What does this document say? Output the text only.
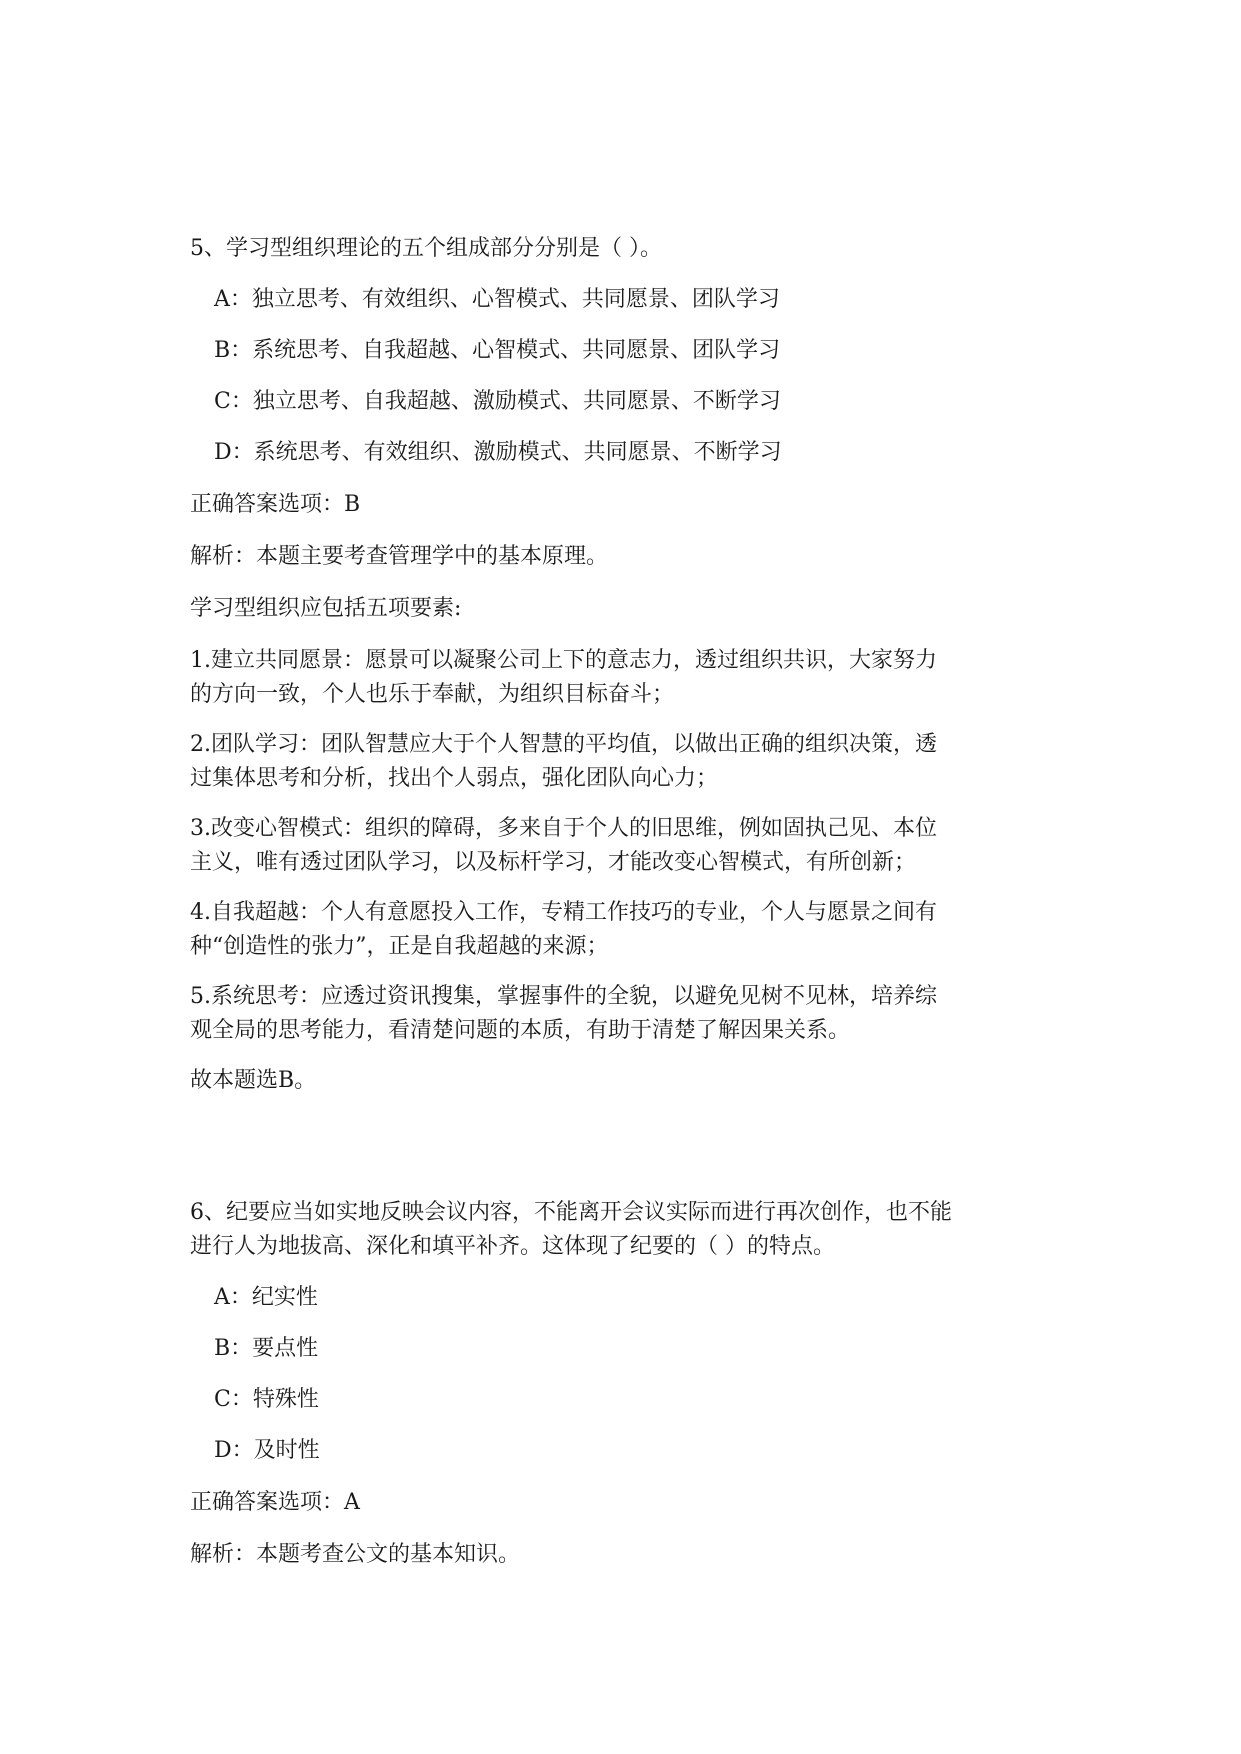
5、学习型组织理论的五个组成部分分别是（ ）。

A：独立思考、有效组织、心智模式、共同愿景、团队学习

B：系统思考、自我超越、心智模式、共同愿景、团队学习

C：独立思考、自我超越、激励模式、共同愿景、不断学习

D：系统思考、有效组织、激励模式、共同愿景、不断学习

正确答案选项：B

解析：本题主要考查管理学中的基本原理。

学习型组织应包括五项要素:

1.建立共同愿景：愿景可以凝聚公司上下的意志力，透过组织共识，大家努力

的方向一致，个人也乐于奉献，为组织目标奋斗；

2.团队学习：团队智慧应大于个人智慧的平均值，以做出正确的组织决策，透

过集体思考和分析，找出个人弱点，强化团队向心力；

3.改变心智模式：组织的障碍，多来自于个人的旧思维，例如固执己见、本位

主义，唯有透过团队学习，以及标杆学习，才能改变心智模式，有所创新；

4.自我超越：个人有意愿投入工作，专精工作技巧的专业，个人与愿景之间有

种“创造性的张力”，正是自我超越的来源；

5.系统思考：应透过资讯搜集，掌握事件的全貌，以避免见树不见林，培养综

观全局的思考能力，看清楚问题的本质，有助于清楚了解因果关系。

故本题选B。

6、纪要应当如实地反映会议内容，不能离开会议实际而进行再次创作，也不能

进行人为地拔高、深化和填平补齐。这体现了纪要的（ ）的特点。

A：纪实性

B：要点性

C：特殊性

D：及时性

正确答案选项：A

解析：本题考查公文的基本知识。
